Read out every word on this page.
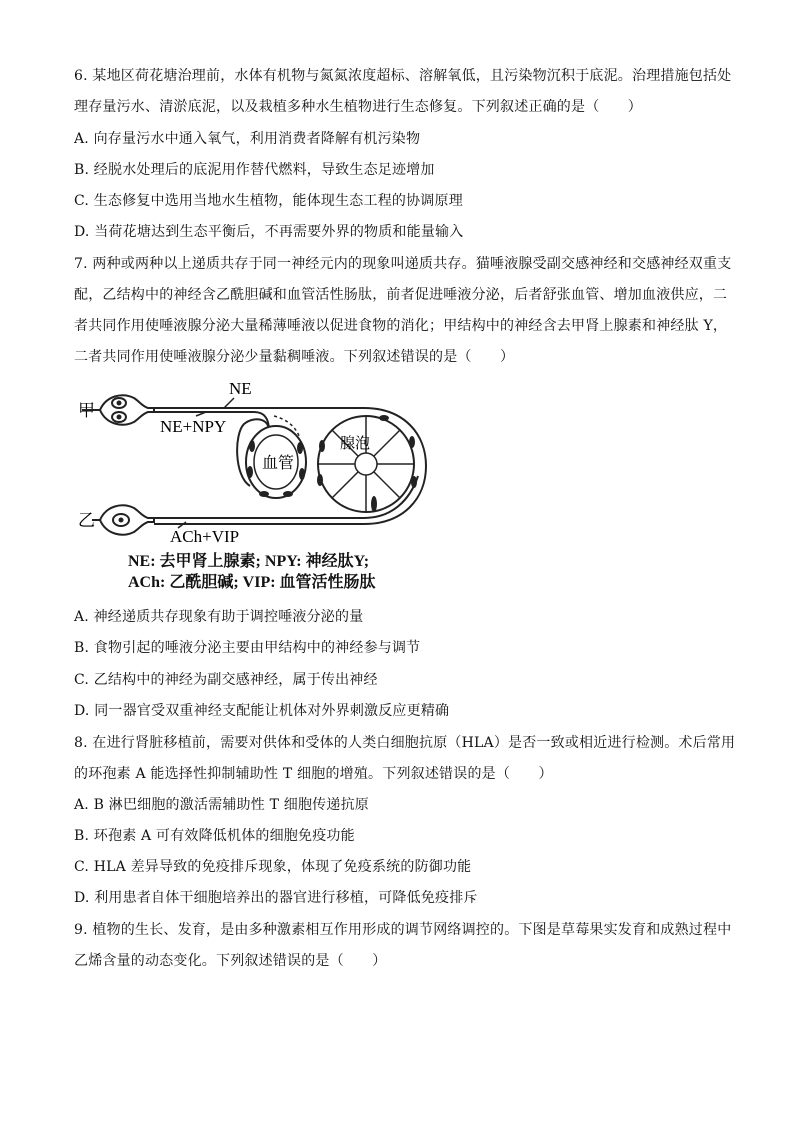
6. 某地区荷花塘治理前，水体有机物与氮氮浓度超标、溶解氧低，且污染物沉积于底泥。治理措施包括处
理存量污水、清淤底泥，以及栽植多种水生植物进行生态修复。下列叙述正确的是（　　）
A. 向存量污水中通入氧气，利用消费者降解有机污染物
B. 经脱水处理后的底泥用作替代燃料，导致生态足迹增加
C. 生态修复中选用当地水生植物，能体现生态工程的协调原理
D. 当荷花塘达到生态平衡后，不再需要外界的物质和能量输入
7. 两种或两种以上递质共存于同一神经元内的现象叫递质共存。猫唾液腺受副交感神经和交感神经双重支
配，乙结构中的神经含乙酰胆碱和血管活性肠肽，前者促进唾液分泌，后者舒张血管、增加血液供应，二
者共同作用使唾液腺分泌大量稀薄唾液以促进食物的消化；甲结构中的神经含去甲肾上腺素和神经肽 Y，
二者共同作用使唾液腺分泌少量黏稠唾液。下列叙述错误的是（　　）
甲
NE
NE+NPY
血管
腺泡
乙
ACh+VIP
NE: 去甲肾上腺素; NPY: 神经肽Y;
ACh: 乙酰胆碱; VIP: 血管活性肠肽
A. 神经递质共存现象有助于调控唾液分泌的量
B. 食物引起的唾液分泌主要由甲结构中的神经参与调节
C. 乙结构中的神经为副交感神经，属于传出神经
D. 同一器官受双重神经支配能让机体对外界刺激反应更精确
8. 在进行肾脏移植前，需要对供体和受体的人类白细胞抗原（HLA）是否一致或相近进行检测。术后常用
的环孢素 A 能选择性抑制辅助性 T 细胞的增殖。下列叙述错误的是（　　）
A. B 淋巴细胞的激活需辅助性 T 细胞传递抗原
B. 环孢素 A 可有效降低机体的细胞免疫功能
C. HLA 差异导致的免疫排斥现象，体现了免疫系统的防御功能
D. 利用患者自体干细胞培养出的器官进行移植，可降低免疫排斥
9. 植物的生长、发育，是由多种激素相互作用形成的调节网络调控的。下图是草莓果实发育和成熟过程中
乙烯含量的动态变化。下列叙述错误的是（　　）
